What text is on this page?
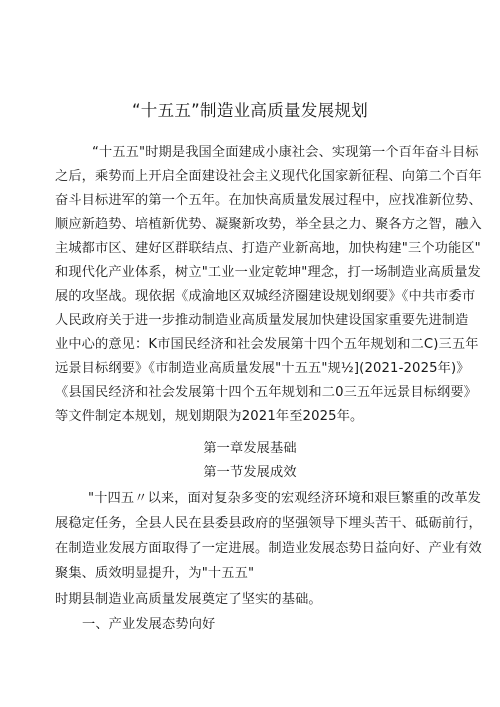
“十五五”制造业高质量发展规划
“十五五"时期是我国全面建成小康社会、实现第一个百年奋斗目标
之后，乘势而上开启全面建设社会主义现代化国家新征程、向第二个百年
奋斗目标进军的第一个五年。在加快高质量发展过程中，应找准新位势、
顺应新趋势、培植新优势、凝聚新攻势，举全县之力、聚各方之智，融入
主城都市区、建好区群联结点、打造产业新高地，加快构建"三个功能区"
和现代化产业体系，树立"工业一业定乾坤"理念，打一场制造业高质量发
展的攻坚战。现依据《成渝地区双城经济圈建设规划纲要》《中共市委市
人民政府关于进一步推动制造业高质量发展加快建设国家重要先进制造
业中心的意见：K市国民经济和社会发展第十四个五年规划和二C)三五年
远景目标纲要》《市制造业高质量发展"十五五"规½](2021-2025年)》
《县国民经济和社会发展第十四个五年规划和二0三五年远景目标纲要》
等文件制定本规划，规划期限为2021年至2025年。
第一章发展基础
第一节发展成效
"十四五〃以来，面对复杂多变的宏观经济环境和艰巨繁重的改革发
展稳定任务，全县人民在县委县政府的坚强领导下埋头苦干、砥砺前行，
在制造业发展方面取得了一定进展。制造业发展态势日益向好、产业有效
聚集、质效明显提升，为"十五五"
时期县制造业高质量发展奠定了坚实的基础。
一、产业发展态势向好
